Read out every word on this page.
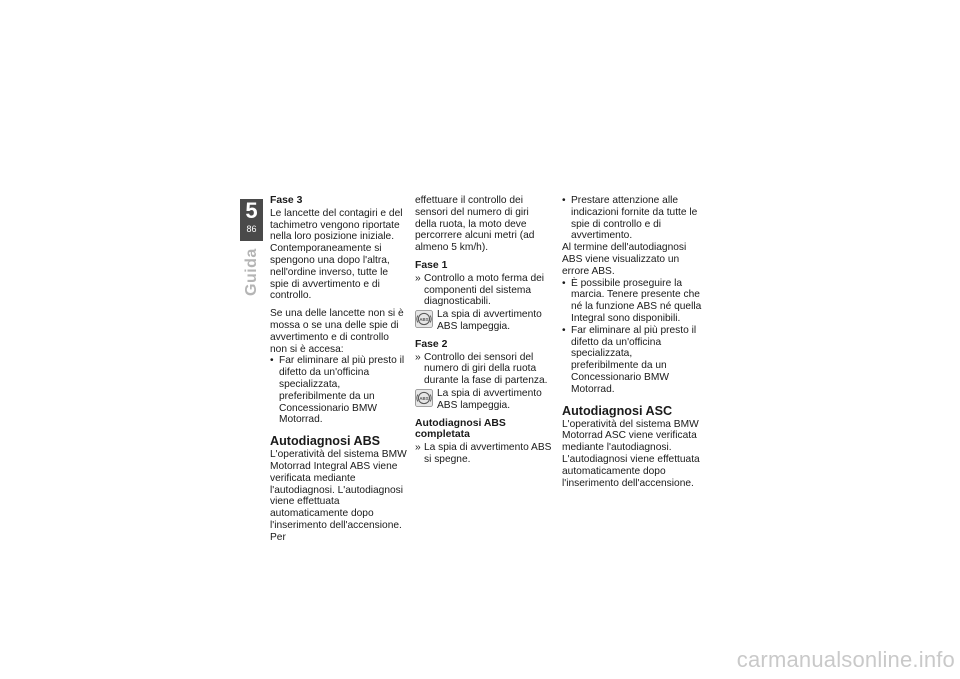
5
86
Guida
Fase 3

Le lancette del contagiri e del tachimetro vengono riportate nella loro posizione iniziale. Contemporaneamente si spengono una dopo l'altra, nell'ordine inverso, tutte le spie di avvertimento e di controllo.

Se una delle lancette non si è mossa o se una delle spie di avvertimento e di controllo non si è accesa:

• Far eliminare al più presto il difetto da un'officina specializzata, preferibilmente da un Concessionario BMW Motorrad.
Autodiagnosi ABS

L'operatività del sistema BMW Motorrad Integral ABS viene verificata mediante l'autodiagnosi. L'autodiagnosi viene effettuata automaticamente dopo l'inserimento dell'accensione. Per

effettuare il controllo dei sensori del numero di giri della ruota, la moto deve percorrere alcuni metri (ad almeno 5 km/h).

Fase 1
» Controllo a moto ferma dei componenti del sistema diagnosticabili.
ABS La spia di avvertimento ABS lampeggia.
Fase 2
» Controllo dei sensori del numero di giri della ruota durante la fase di partenza.
ABS La spia di avvertimento ABS lampeggia.
Autodiagnosi ABS completata
» La spia di avvertimento ABS si spegne.
• Prestare attenzione alle indicazioni fornite da tutte le spie di controllo e di avvertimento.

Al termine dell'autodiagnosi ABS viene visualizzato un errore ABS.

• È possibile proseguire la marcia. Tenere presente che né la funzione ABS né quella Integral sono disponibili.
• Far eliminare al più presto il difetto da un'officina specializzata, preferibilmente da un Concessionario BMW Motorrad.
Autodiagnosi ASC

L'operatività del sistema BMW Motorrad ASC viene verificata mediante l'autodiagnosi. L'autodiagnosi viene effettuata automaticamente dopo l'inserimento dell'accensione.

carmanualsonline.info
